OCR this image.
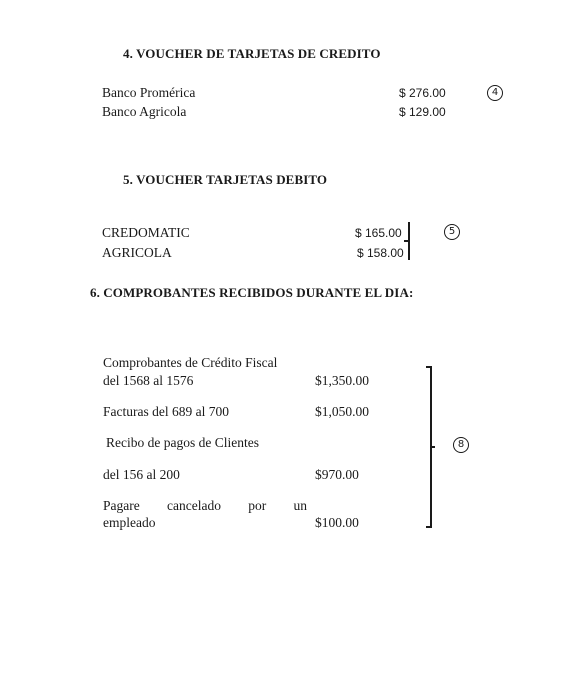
4. VOUCHER DE TARJETAS DE CREDITO
Banco Promérica	$ 276.00
Banco Agricola	$ 129.00
4
5. VOUCHER TARJETAS DEBITO
CREDOMATIC	$ 165.00
AGRICOLA	$ 158.00
5
6. COMPROBANTES RECIBIDOS DURANTE EL DIA:
Comprobantes de Crédito Fiscal
del 1568 al 1576	$1,350.00
Facturas del 689 al 700	$1,050.00
Recibo de pagos de Clientes
del 156 al 200	$970.00
Pagare cancelado por un
empleado	$100.00
8
